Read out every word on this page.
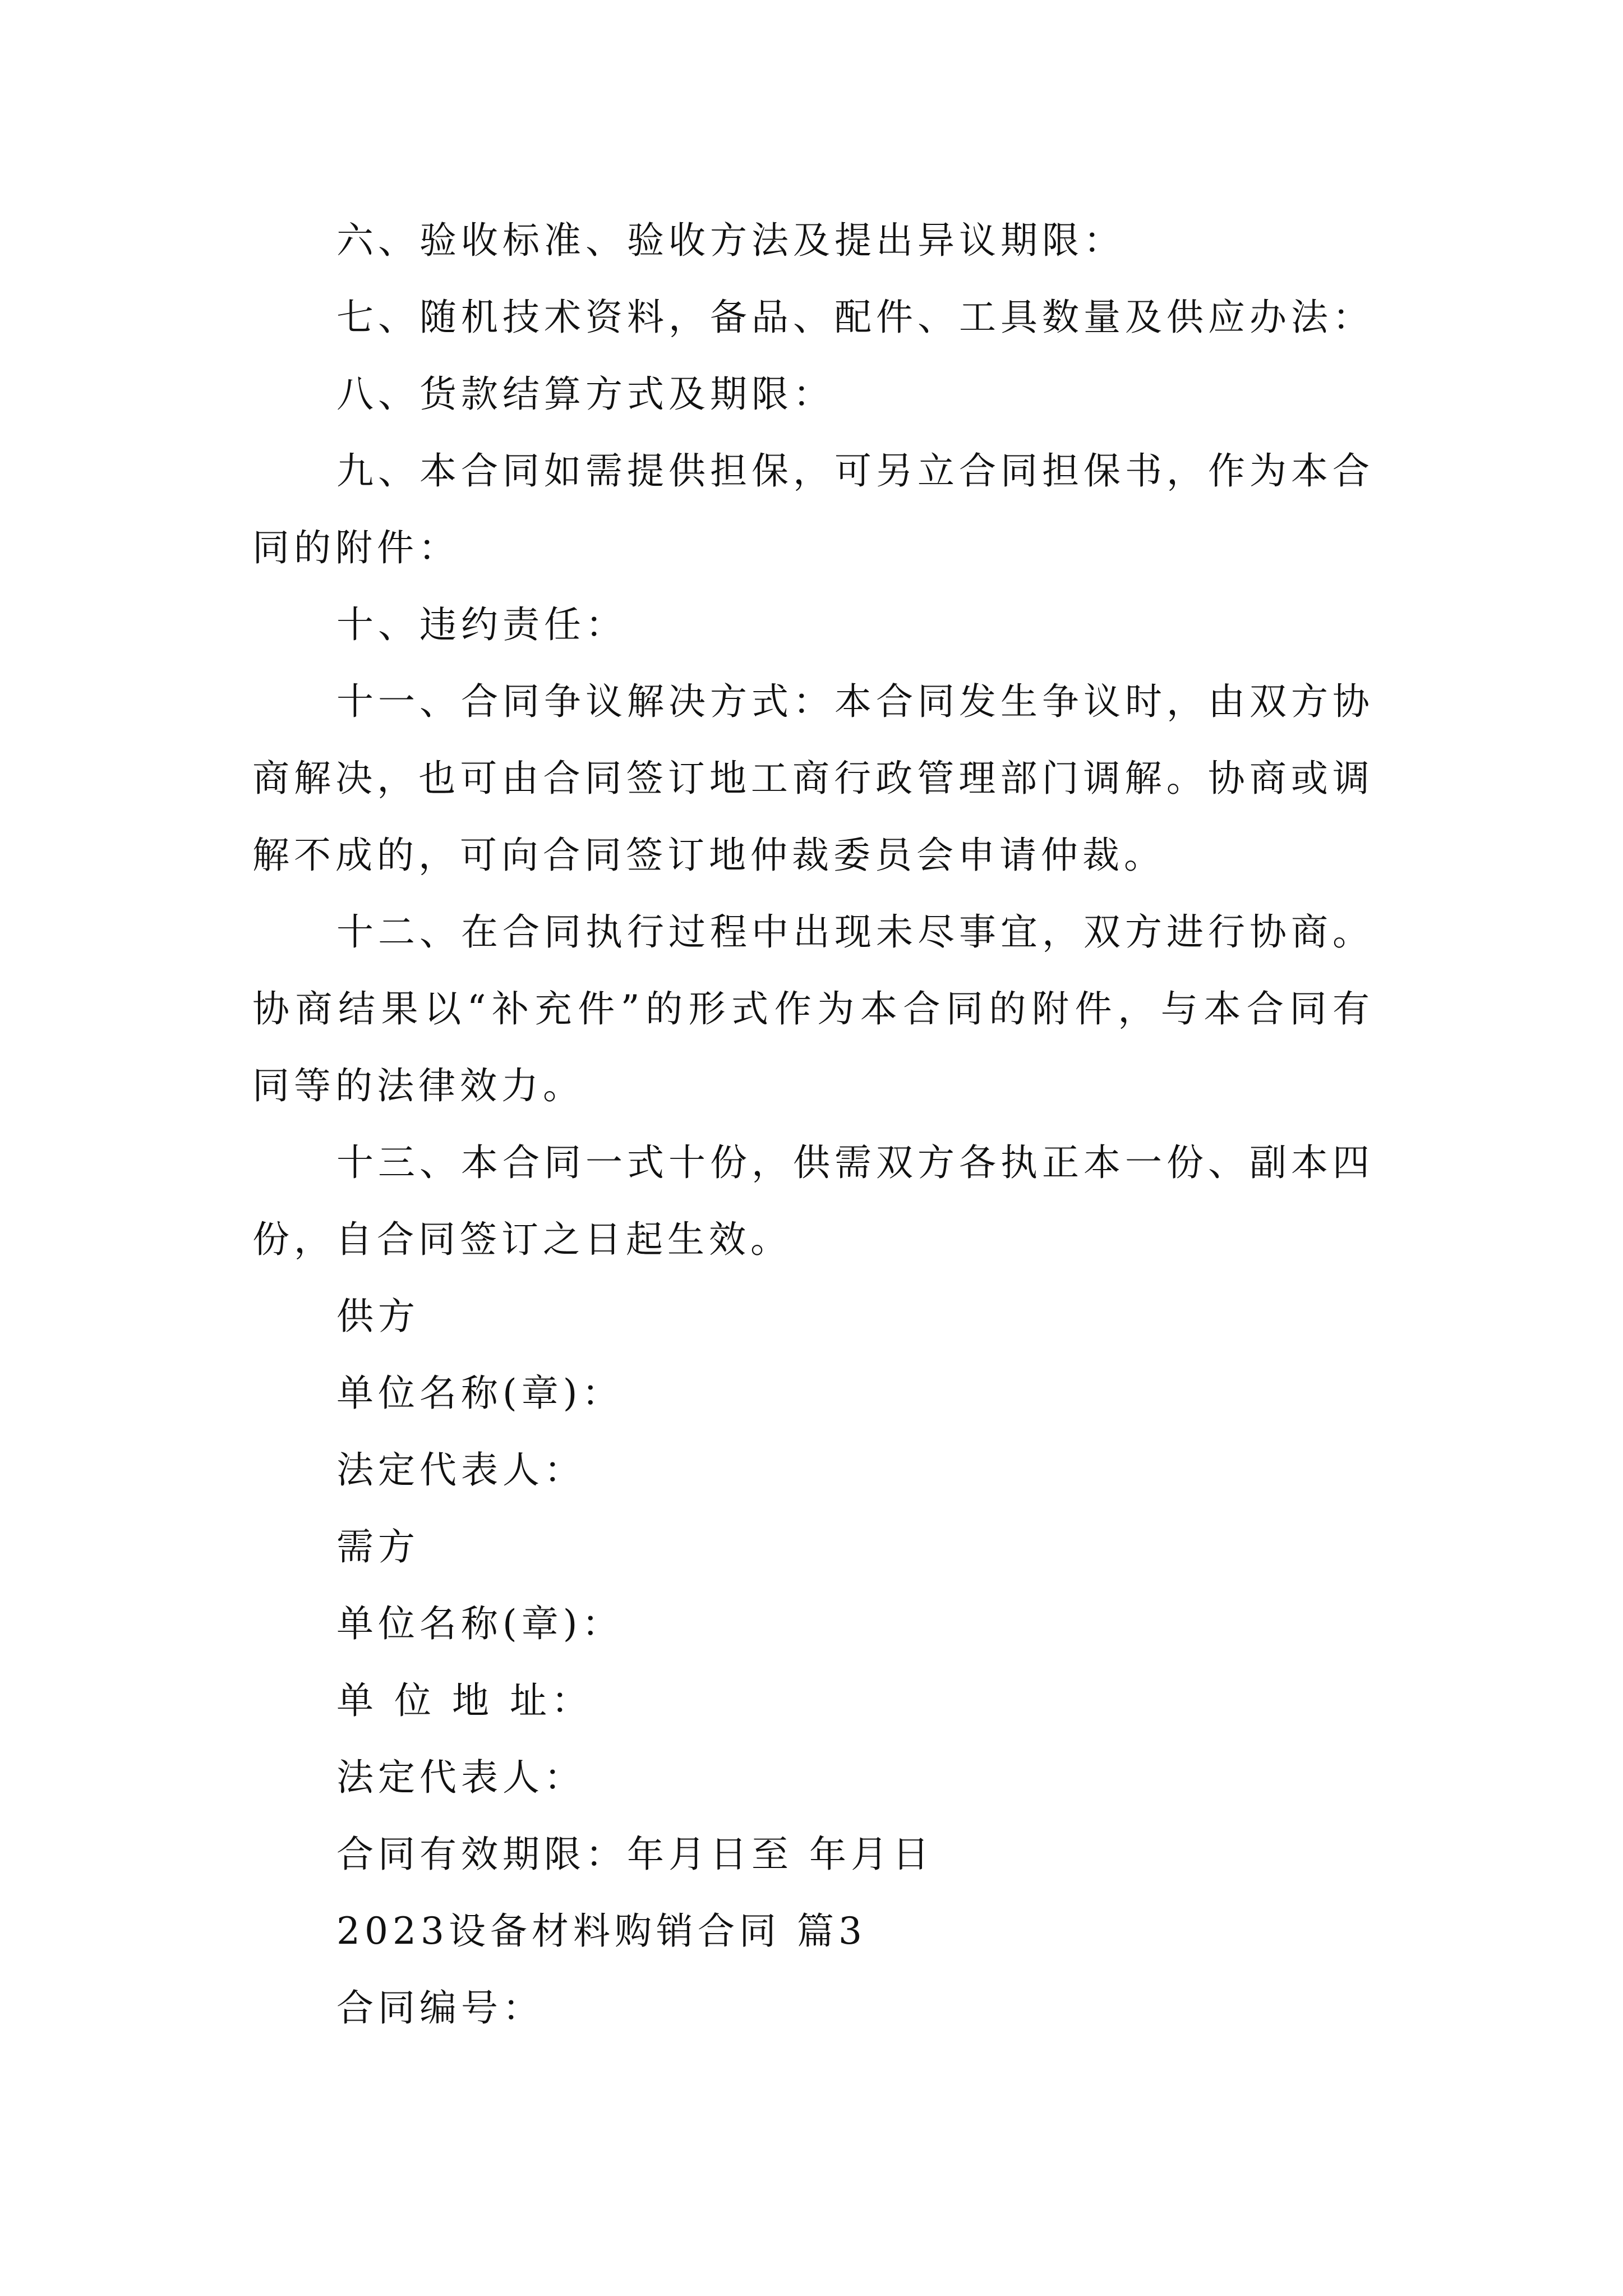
六、验收标准、验收方法及提出异议期限：

七、随机技术资料，备品、配件、工具数量及供应办法：

八、货款结算方式及期限：

九、本合同如需提供担保，可另立合同担保书，作为本合同的附件：

十、违约责任：

十一、合同争议解决方式：本合同发生争议时，由双方协商解决，也可由合同签订地工商行政管理部门调解。协商或调解不成的，可向合同签订地仲裁委员会申请仲裁。

十二、在合同执行过程中出现未尽事宜，双方进行协商。协商结果以“补充件”的形式作为本合同的附件，与本合同有同等的法律效力。

十三、本合同一式十份，供需双方各执正本一份、副本四份，自合同签订之日起生效。

供方
单位名称(章)：
法定代表人：
需方
单位名称(章)：
单 位 地 址：
法定代表人：
合同有效期限：年月日至 年月日
2023设备材料购销合同 篇3
合同编号：
